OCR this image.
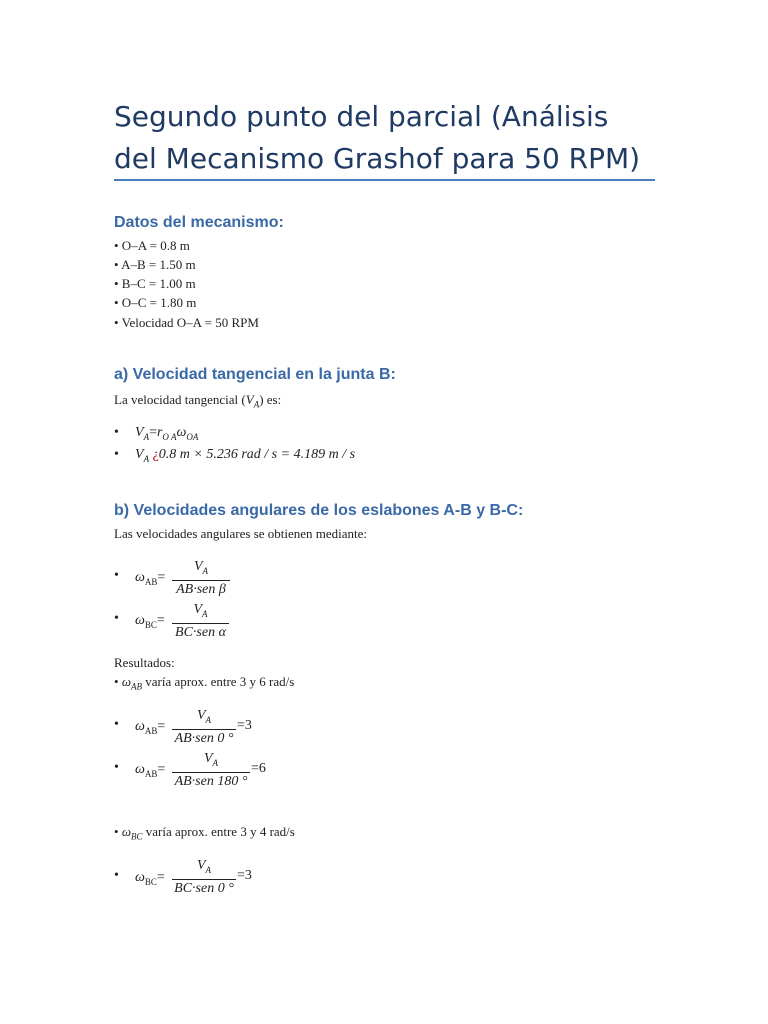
Segundo punto del parcial (Análisis del Mecanismo Grashof para 50 RPM)
Datos del mecanismo:

• O–A = 0.8 m

• A–B = 1.50 m

• B–C = 1.00 m

• O–C = 1.80 m

• Velocidad O–A = 50 RPM

a) Velocidad tangencial en la junta B:

La velocidad tangencial $(V_A)$ es:

• $V_A=r_{O A}\omega_{OA}$
• $V_A$ ¿0.8 m × 5.236 rad / s = 4.189 m / s
b) Velocidades angulares de los eslabones A-B y B-C:

Las velocidades angulares se obtienen mediante:

• $\omega_{AB}=$
$V_A$
AB·sen β
• $\omega_{BC}=$
$V_A$
BC·sen α

Resultados:

• $\omega_{AB}$ varía aprox. entre 3 y 6 rad/s

• $\omega_{AB}=$
$V_A$
AB·sen 0 °
=3
• $\omega_{AB}=$
$V_A$
AB·sen 180 °
=6

• $\omega_{BC}$ varía aprox. entre 3 y 4 rad/s

• $\omega_{BC}=$
$V_A$
BC·sen 0 °
=3
